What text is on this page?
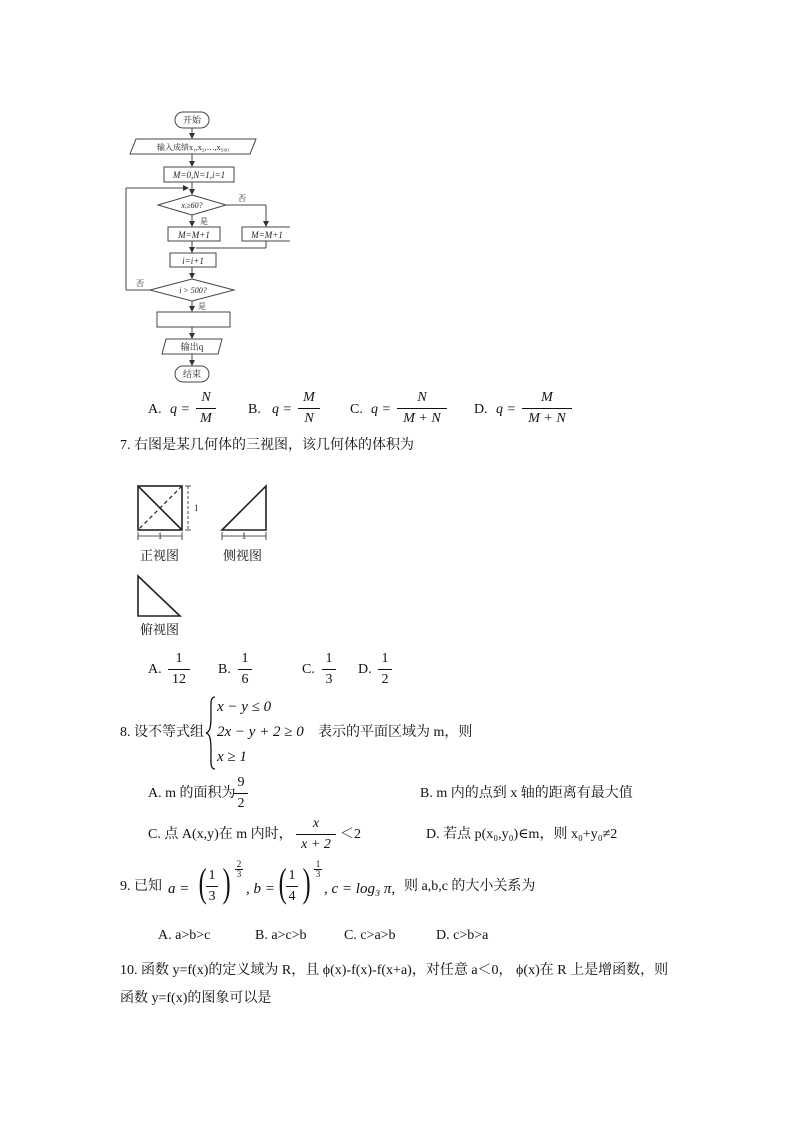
开始
输入成绩x₁,x₂,…,x₅₀₀
M=0,N=1,i=1
xᵢ≥60?
是
否
M=M+1	M=M+1
i=i+1
i > 500?
是
否
输出q
结束
A. q =
N
M
B. q =
M
N
C. q =
N
M + N
D. q =
M
M + N
7. 右图是某几何体的三视图，该几何体的体积为
1
1
1
正视图	侧视图
俯视图
A.
1
12
B.
1
6
C.
1
3
D.
1
2
8. 设不等式组
x − y ≤ 0
2x − y + 2 ≥ 0
x ≥ 1
表示的平面区域为 m，则
A. m 的面积为
9
2
B. m 内的点到 x 轴的距离有最大值
C. 点 A(x,y)在 m 内时，
x
x + 2
＜2	D. 若点 p(x₀,y₀)∈m，则 x₀+y₀≠2
9. 已知 a = ( 1
3 ) 2
3
, b = ( 1
4 ) 1
3
, c = log₃ π, 则 a,b,c 的大小关系为
A. a>b>c	B. a>c>b	C. c>a>b	D. c>b>a
10. 函数 y=f(x)的定义域为 R，且 ϕ(x)-f(x)-f(x+a)，对任意 a＜0， ϕ(x)在 R 上是增函数，则
函数 y=f(x)的图象可以是
